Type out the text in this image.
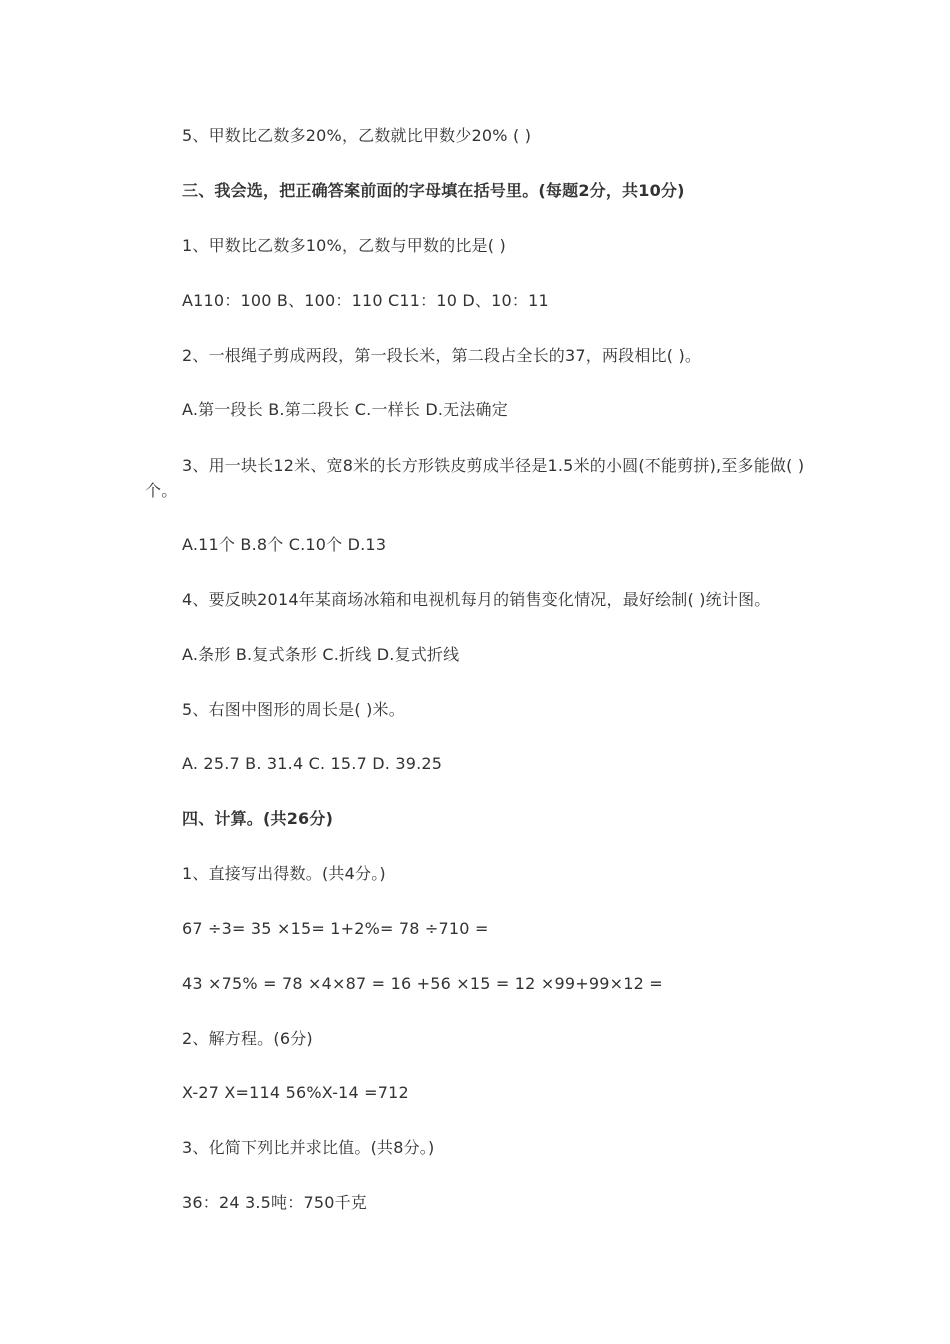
5、甲数比乙数多20%，乙数就比甲数少20% ( )
三、我会选，把正确答案前面的字母填在括号里。(每题2分，共10分)
1、甲数比乙数多10%，乙数与甲数的比是( )
A110：100 B、100：110 C11：10 D、10：11
2、一根绳子剪成两段，第一段长米，第二段占全长的37，两段相比( )。
A.第一段长 B.第二段长 C.一样长 D.无法确定
3、用一块长12米、宽8米的长方形铁皮剪成半径是1.5米的小圆(不能剪拼),至多能做( )个。
A.11个 B.8个 C.10个 D.13
4、要反映2014年某商场冰箱和电视机每月的销售变化情况，最好绘制( )统计图。
A.条形 B.复式条形 C.折线 D.复式折线
5、右图中图形的周长是( )米。
A. 25.7 B. 31.4 C. 15.7 D. 39.25
四、计算。(共26分)
1、直接写出得数。(共4分。)
67 ÷3= 35 ×15= 1+2%= 78 ÷710 =
43 ×75% = 78 ×4×87 = 16 +56 ×15 = 12 ×99+99×12 =
2、解方程。(6分)
X-27 X=114 56%X-14 =712
3、化简下列比并求比值。(共8分。)
36：24 3.5吨：750千克
